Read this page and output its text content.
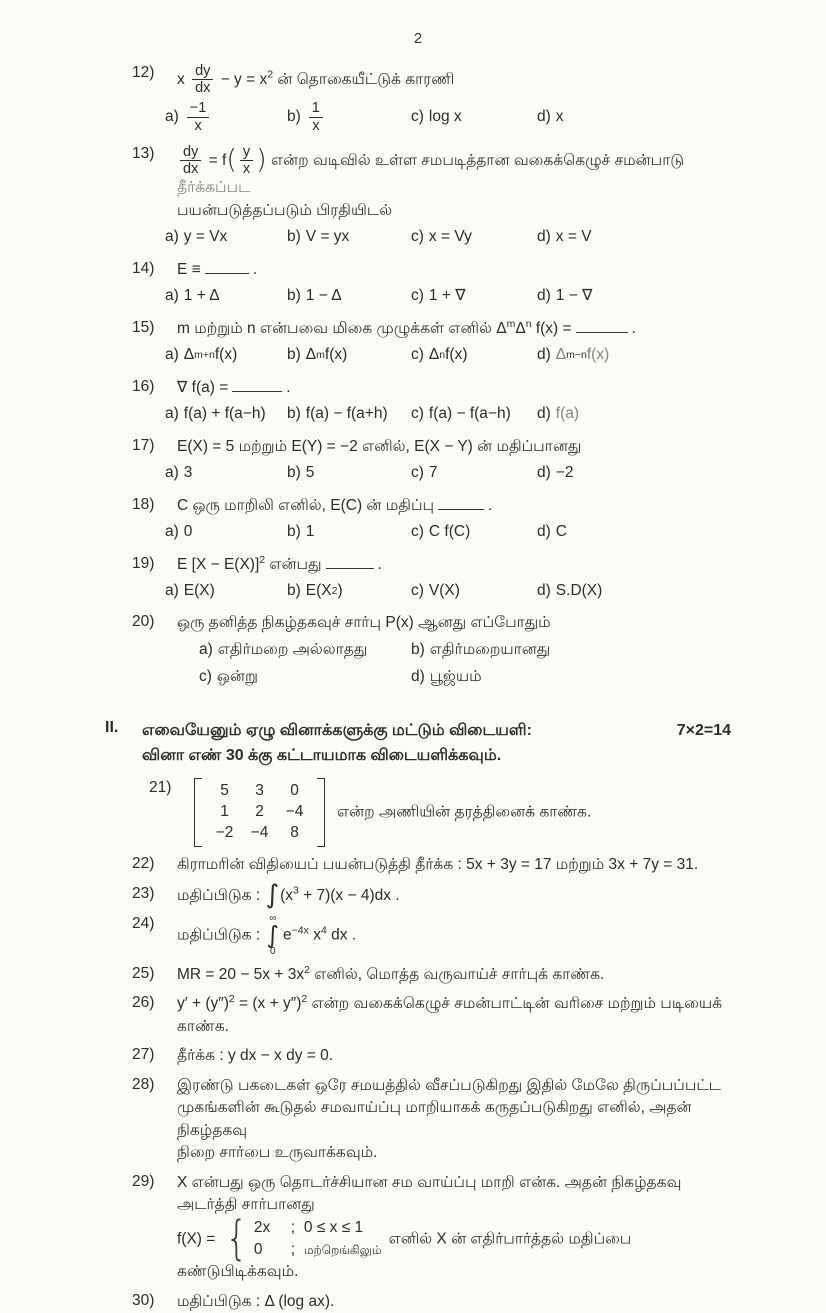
2
12)	x $\frac{dy}{dx} - y = x^2$ ன் தொகையீட்டுக் காரணி
$a) \frac{-1}{x}$	$b) \frac{1}{x}$	c) log x	d) x
13)	$\frac{dy}{dx} = f( \frac{y}{x}$ ) என்ற வடிவில் உள்ள சமபடித்தான வகைக்கெழுச் சமன்பாடு தீர்க்கப்பட
பயன்படுத்தப்படும் பிரதியிடல்
a) y = Vx	b) V = yx	c) x = Vy	d) x = V
14)	E ≡	.
a) 1 + Δ	b) 1 − Δ	c) 1 + ∇	d) 1 − ∇
15)	m மற்றும் n என்பவை மிகை முழுக்கள் எனில் $\Delta^m\Delta^n$ f(x) =	.
a) Δ m+n f(x)	b) Δ m f(x)	c) Δ n f(x)	d) Δ m−n f(x)
16)	∇ f(a) =	.
a) f(a) + f(a−h) b) f(a) − f(a+h) c) f(a) − f(a−h) d) f(a)
17)	E(X) = 5 மற்றும் E(Y) = −2 எனில், E(X − Y) ன் மதிப்பானது
a) 3	b) 5	c) 7	d) −2
18)	C ஒரு மாறிலி எனில், E(C) ன் மதிப்பு	.
a) 0	b) 1	c) C f(C)	d) C
19)	E $[X - E(X)]^2$ என்பது	.
a) E(X)	b) E(X 2 )	c) V(X)	d) S.D(X)
20)	ஒரு தனித்த நிகழ்தகவுச் சார்பு P(x) ஆனது எப்போதும்
a) எதிர்மறை அல்லாதது	b) எதிர்மறையானது
c) ஒன்று	d) பூஜ்யம்
II.	எவையேனும் ஏழு வினாக்களுக்கு மட்டும் விடையளி:	7×2=14
வினா எண் 30 க்கு கட்டாயமாக விடையளிக்கவும்.
21)	5	3	0
1	2	−4
−2	−4	8
என்ற அணியின் தரத்தினைக் காண்க.
22)	கிராமரின் விதியைப் பயன்படுத்தி தீர்க்க : 5x + 3y = 17 மற்றும் 3x + 7y = 31.
23)	மதிப்பிடுக : $\int(x^3 + 7)(x - 4)dx$ .
24)
மதிப்பிடுக :
∞
∫
0
$e^{-4x}$ $x^4$ dx .
25)	MR = $20 - 5x + 3x^2$ எனில், மொத்த வருவாய்ச் சார்புக் காண்க.
26)	$y' + (y'')^2 = (x + y'')^2$ என்ற வகைக்கெழுச் சமன்பாட்டின் வரிசை மற்றும் படியைக் காண்க.
27)	தீர்க்க : y dx − x dy = 0.
28)	இரண்டு பகடைகள் ஒரே சமயத்தில் வீசப்படுகிறது இதில் மேலே திருப்பப்பட்ட
முகங்களின் கூடுதல் சமவாய்ப்பு மாறியாகக் கருதப்படுகிறது எனில், அதன் நிகழ்தகவு
நிறை சார்பை உருவாக்கவும்.
29)	X என்பது ஒரு தொடர்ச்சியான சம வாய்ப்பு மாறி என்க. அதன் நிகழ்தகவு அடர்த்தி சார்பானது
f(X) = { 2x	; 0 ≤ x ≤ 1
0	; மற்றெங்கிலும்
எனில் X ன் எதிர்பார்த்தல் மதிப்பை கண்டுபிடிக்கவும்.
30)	மதிப்பிடுக : Δ (log ax).
